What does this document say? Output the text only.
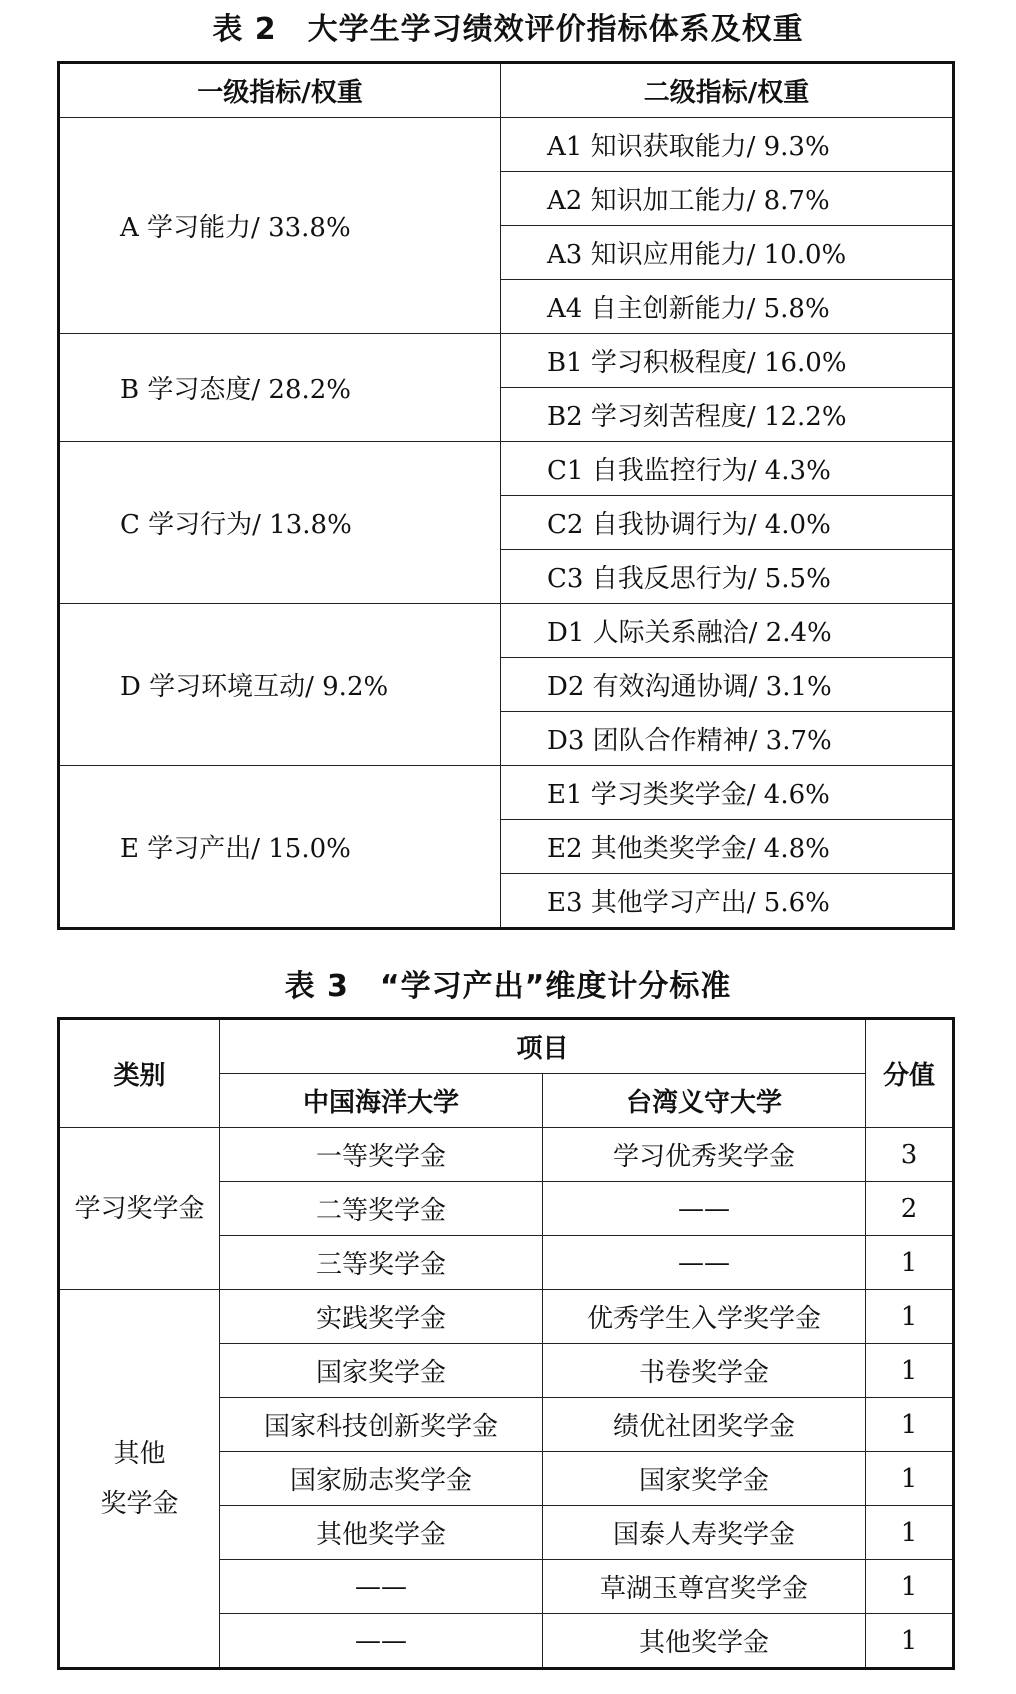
表 2　大学生学习绩效评价指标体系及权重
一级指标/权重	二级指标/权重
A 学习能力/ 33.8%	A1 知识获取能力/ 9.3%
	A2 知识加工能力/ 8.7%
	A3 知识应用能力/ 10.0%
	A4 自主创新能力/ 5.8%
B 学习态度/ 28.2%	B1 学习积极程度/ 16.0%
	B2 学习刻苦程度/ 12.2%
C 学习行为/ 13.8%	C1 自我监控行为/ 4.3%
	C2 自我协调行为/ 4.0%
	C3 自我反思行为/ 5.5%
D 学习环境互动/ 9.2%	D1 人际关系融洽/ 2.4%
	D2 有效沟通协调/ 3.1%
	D3 团队合作精神/ 3.7%
E 学习产出/ 15.0%	E1 学习类奖学金/ 4.6%
	E2 其他类奖学金/ 4.8%
	E3 其他学习产出/ 5.6%
表 3　“学习产出”维度计分标准
类别	项目		分值
	中国海洋大学	台湾义守大学	
学习奖学金	一等奖学金	学习优秀奖学金	3
	二等奖学金	——	2
	三等奖学金	——	1
其他
奖学金	实践奖学金	优秀学生入学奖学金	1
	国家奖学金	书卷奖学金	1
	国家科技创新奖学金	绩优社团奖学金	1
	国家励志奖学金	国家奖学金	1
	其他奖学金	国泰人寿奖学金	1
	——	草湖玉尊宫奖学金	1
	——	其他奖学金	1
